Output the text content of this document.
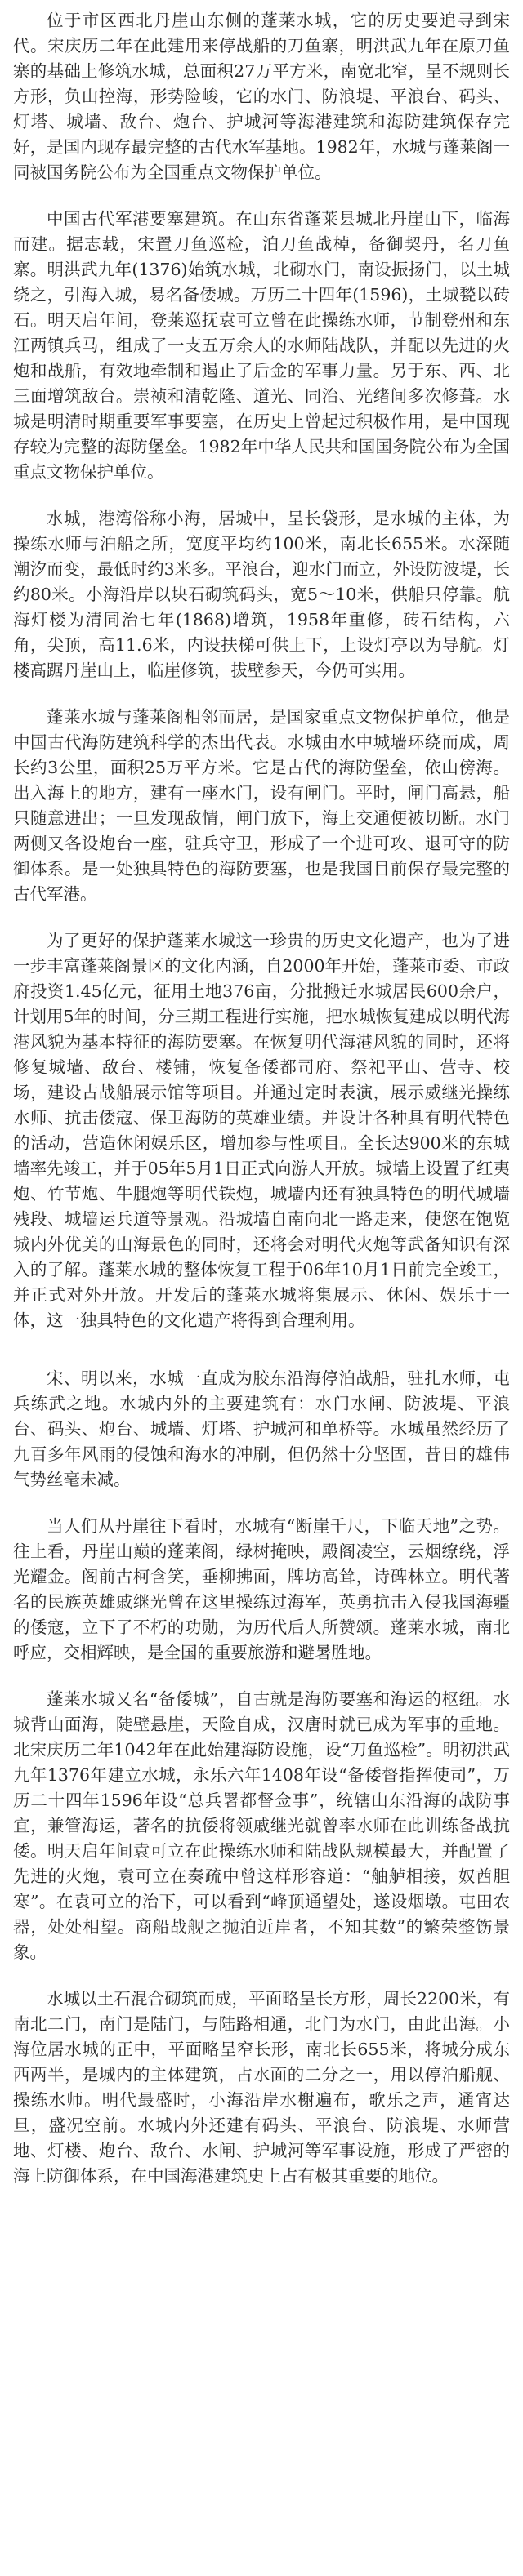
位于市区西北丹崖山东侧的蓬莱水城，它的历史要追寻到宋代。宋庆历二年在此建用来停战船的刀鱼寨，明洪武九年在原刀鱼寨的基础上修筑水城，总面积27万平方米，南宽北窄，呈不规则长方形，负山控海，形势险峻，它的水门、防浪堤、平浪台、码头、灯塔、城墙、敌台、炮台、护城河等海港建筑和海防建筑保存完好，是国内现存最完整的古代水军基地。1982年，水城与蓬莱阁一同被国务院公布为全国重点文物保护单位。

中国古代军港要塞建筑。在山东省蓬莱县城北丹崖山下，临海而建。据志载，宋置刀鱼巡检，泊刀鱼战棹，备御契丹，名刀鱼寨。明洪武九年(1376)始筑水城，北砌水门，南设振扬门，以土城绕之，引海入城，易名备倭城。万历二十四年(1596)，土城甃以砖石。明天启年间，登莱巡抚袁可立曾在此操练水师，节制登州和东江两镇兵马，组成了一支五万余人的水师陆战队，并配以先进的火炮和战船，有效地牵制和遏止了后金的军事力量。另于东、西、北三面增筑敌台。崇祯和清乾隆、道光、同治、光绪间多次修葺。水城是明清时期重要军事要塞，在历史上曾起过积极作用，是中国现存较为完整的海防堡垒。1982年中华人民共和国国务院公布为全国重点文物保护单位。

水城，港湾俗称小海，居城中，呈长袋形，是水城的主体，为操练水师与泊船之所，宽度平均约100米，南北长655米。水深随潮汐而变，最低时约3米多。平浪台，迎水门而立，外设防波堤，长约80米。小海沿岸以块石砌筑码头，宽5～10米，供船只停靠。航海灯楼为清同治七年(1868)增筑，1958年重修，砖石结构，六角，尖顶，高11.6米，内设扶梯可供上下，上设灯亭以为导航。灯楼高踞丹崖山上，临崖修筑，拔壁参天，今仍可实用。

蓬莱水城与蓬莱阁相邻而居，是国家重点文物保护单位，他是中国古代海防建筑科学的杰出代表。水城由水中城墙环绕而成，周长约3公里，面积25万平方米。它是古代的海防堡垒，依山傍海。出入海上的地方，建有一座水门，设有闸门。平时，闸门高悬，船只随意进出；一旦发现敌情，闸门放下，海上交通便被切断。水门两侧又各设炮台一座，驻兵守卫，形成了一个进可攻、退可守的防御体系。是一处独具特色的海防要塞，也是我国目前保存最完整的古代军港。

为了更好的保护蓬莱水城这一珍贵的历史文化遗产，也为了进一步丰富蓬莱阁景区的文化内涵，自2000年开始，蓬莱市委、市政府投资1.45亿元，征用土地376亩，分批搬迁水城居民600余户，计划用5年的时间，分三期工程进行实施，把水城恢复建成以明代海港风貌为基本特征的海防要塞。在恢复明代海港风貌的同时，还将修复城墙、敌台、楼铺，恢复备倭都司府、祭祀平山、营寺、校场，建设古战船展示馆等项目。并通过定时表演，展示威继光操练水师、抗击倭寇、保卫海防的英雄业绩。并设计各种具有明代特色的活动，营造休闲娱乐区，增加参与性项目。全长达900米的东城墙率先竣工，并于05年5月1日正式向游人开放。城墙上设置了红夷炮、竹节炮、牛腿炮等明代铁炮，城墙内还有独具特色的明代城墙残段、城墙运兵道等景观。沿城墙自南向北一路走来，使您在饱览城内外优美的山海景色的同时，还将会对明代火炮等武备知识有深入的了解。蓬莱水城的整体恢复工程于06年10月1日前完全竣工，并正式对外开放。开发后的蓬莱水城将集展示、休闲、娱乐于一体，这一独具特色的文化遗产将得到合理利用。

宋、明以来，水城一直成为胶东沿海停泊战船，驻扎水师，屯兵练武之地。水城内外的主要建筑有：水门水闸、防波堤、平浪台、码头、炮台、城墙、灯塔、护城河和单桥等。水城虽然经历了九百多年风雨的侵蚀和海水的冲刷，但仍然十分坚固，昔日的雄伟气势丝毫未减。

当人们从丹崖往下看时，水城有“断崖千尺，下临天地”之势。往上看，丹崖山巅的蓬莱阁，绿树掩映，殿阁凌空，云烟缭绕，浮光耀金。阁前古柯含笑，垂柳拂面，牌坊高耸，诗碑林立。明代著名的民族英雄戚继光曾在这里操练过海军，英勇抗击入侵我国海疆的倭寇，立下了不朽的功勋，为历代后人所赞颂。蓬莱水城，南北呼应，交相辉映，是全国的重要旅游和避暑胜地。

蓬莱水城又名“备倭城”，自古就是海防要塞和海运的枢纽。水城背山面海，陡壁悬崖，天险自成，汉唐时就已成为军事的重地。北宋庆历二年1042年在此始建海防设施，设“刀鱼巡检”。明初洪武九年1376年建立水城，永乐六年1408年设“备倭督指挥使司”，万历二十四年1596年设“总兵署都督佥事”，统辖山东沿海的战防事宜，兼管海运，著名的抗倭将领戚继光就曾率水师在此训练备战抗倭。明天启年间袁可立在此操练水师和陆战队规模最大，并配置了先进的火炮，袁可立在奏疏中曾这样形容道：“舳舻相接，奴酋胆寒”。在袁可立的治下，可以看到“峰顶通望处，遂设烟墩。屯田农器，处处相望。商船战舰之抛泊近岸者，不知其数”的繁荣整饬景象。

水城以土石混合砌筑而成，平面略呈长方形，周长2200米，有南北二门，南门是陆门，与陆路相通，北门为水门，由此出海。小海位居水城的正中，平面略呈窄长形，南北长655米，将城分成东西两半，是城内的主体建筑，占水面的二分之一，用以停泊船舰、操练水师。明代最盛时，小海沿岸水榭遍布，歌乐之声，通宵达旦，盛况空前。水城内外还建有码头、平浪台、防浪堤、水师营地、灯楼、炮台、敌台、水闸、护城河等军事设施，形成了严密的海上防御体系，在中国海港建筑史上占有极其重要的地位。
